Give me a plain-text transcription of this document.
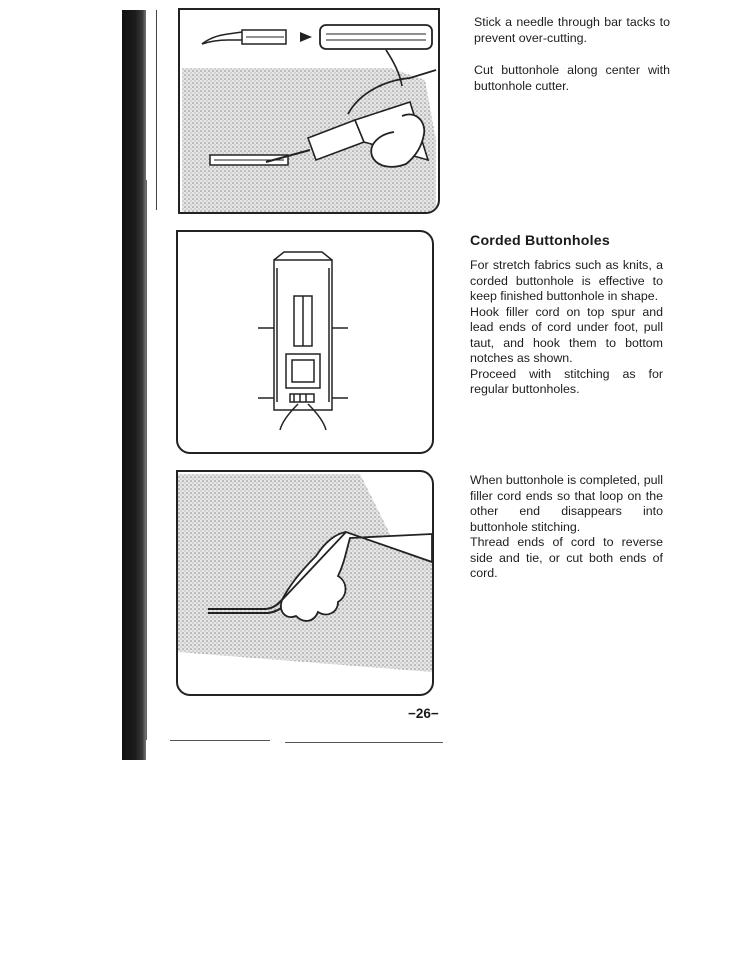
Stick a needle through bar tacks to prevent over-cutting.

Cut buttonhole along center with buttonhole cutter.

Corded Buttonholes

For stretch fabrics such as knits, a corded buttonhole is effective to keep finished buttonhole in shape.

Hook filler cord on top spur and lead ends of cord under foot, pull taut, and hook them to bottom notches as shown.

Proceed with stitching as for regular buttonholes.

When buttonhole is completed, pull filler cord ends so that loop on the other end disappears into buttonhole stitching.

Thread ends of cord to reverse side and tie, or cut both ends of cord.

−26−
